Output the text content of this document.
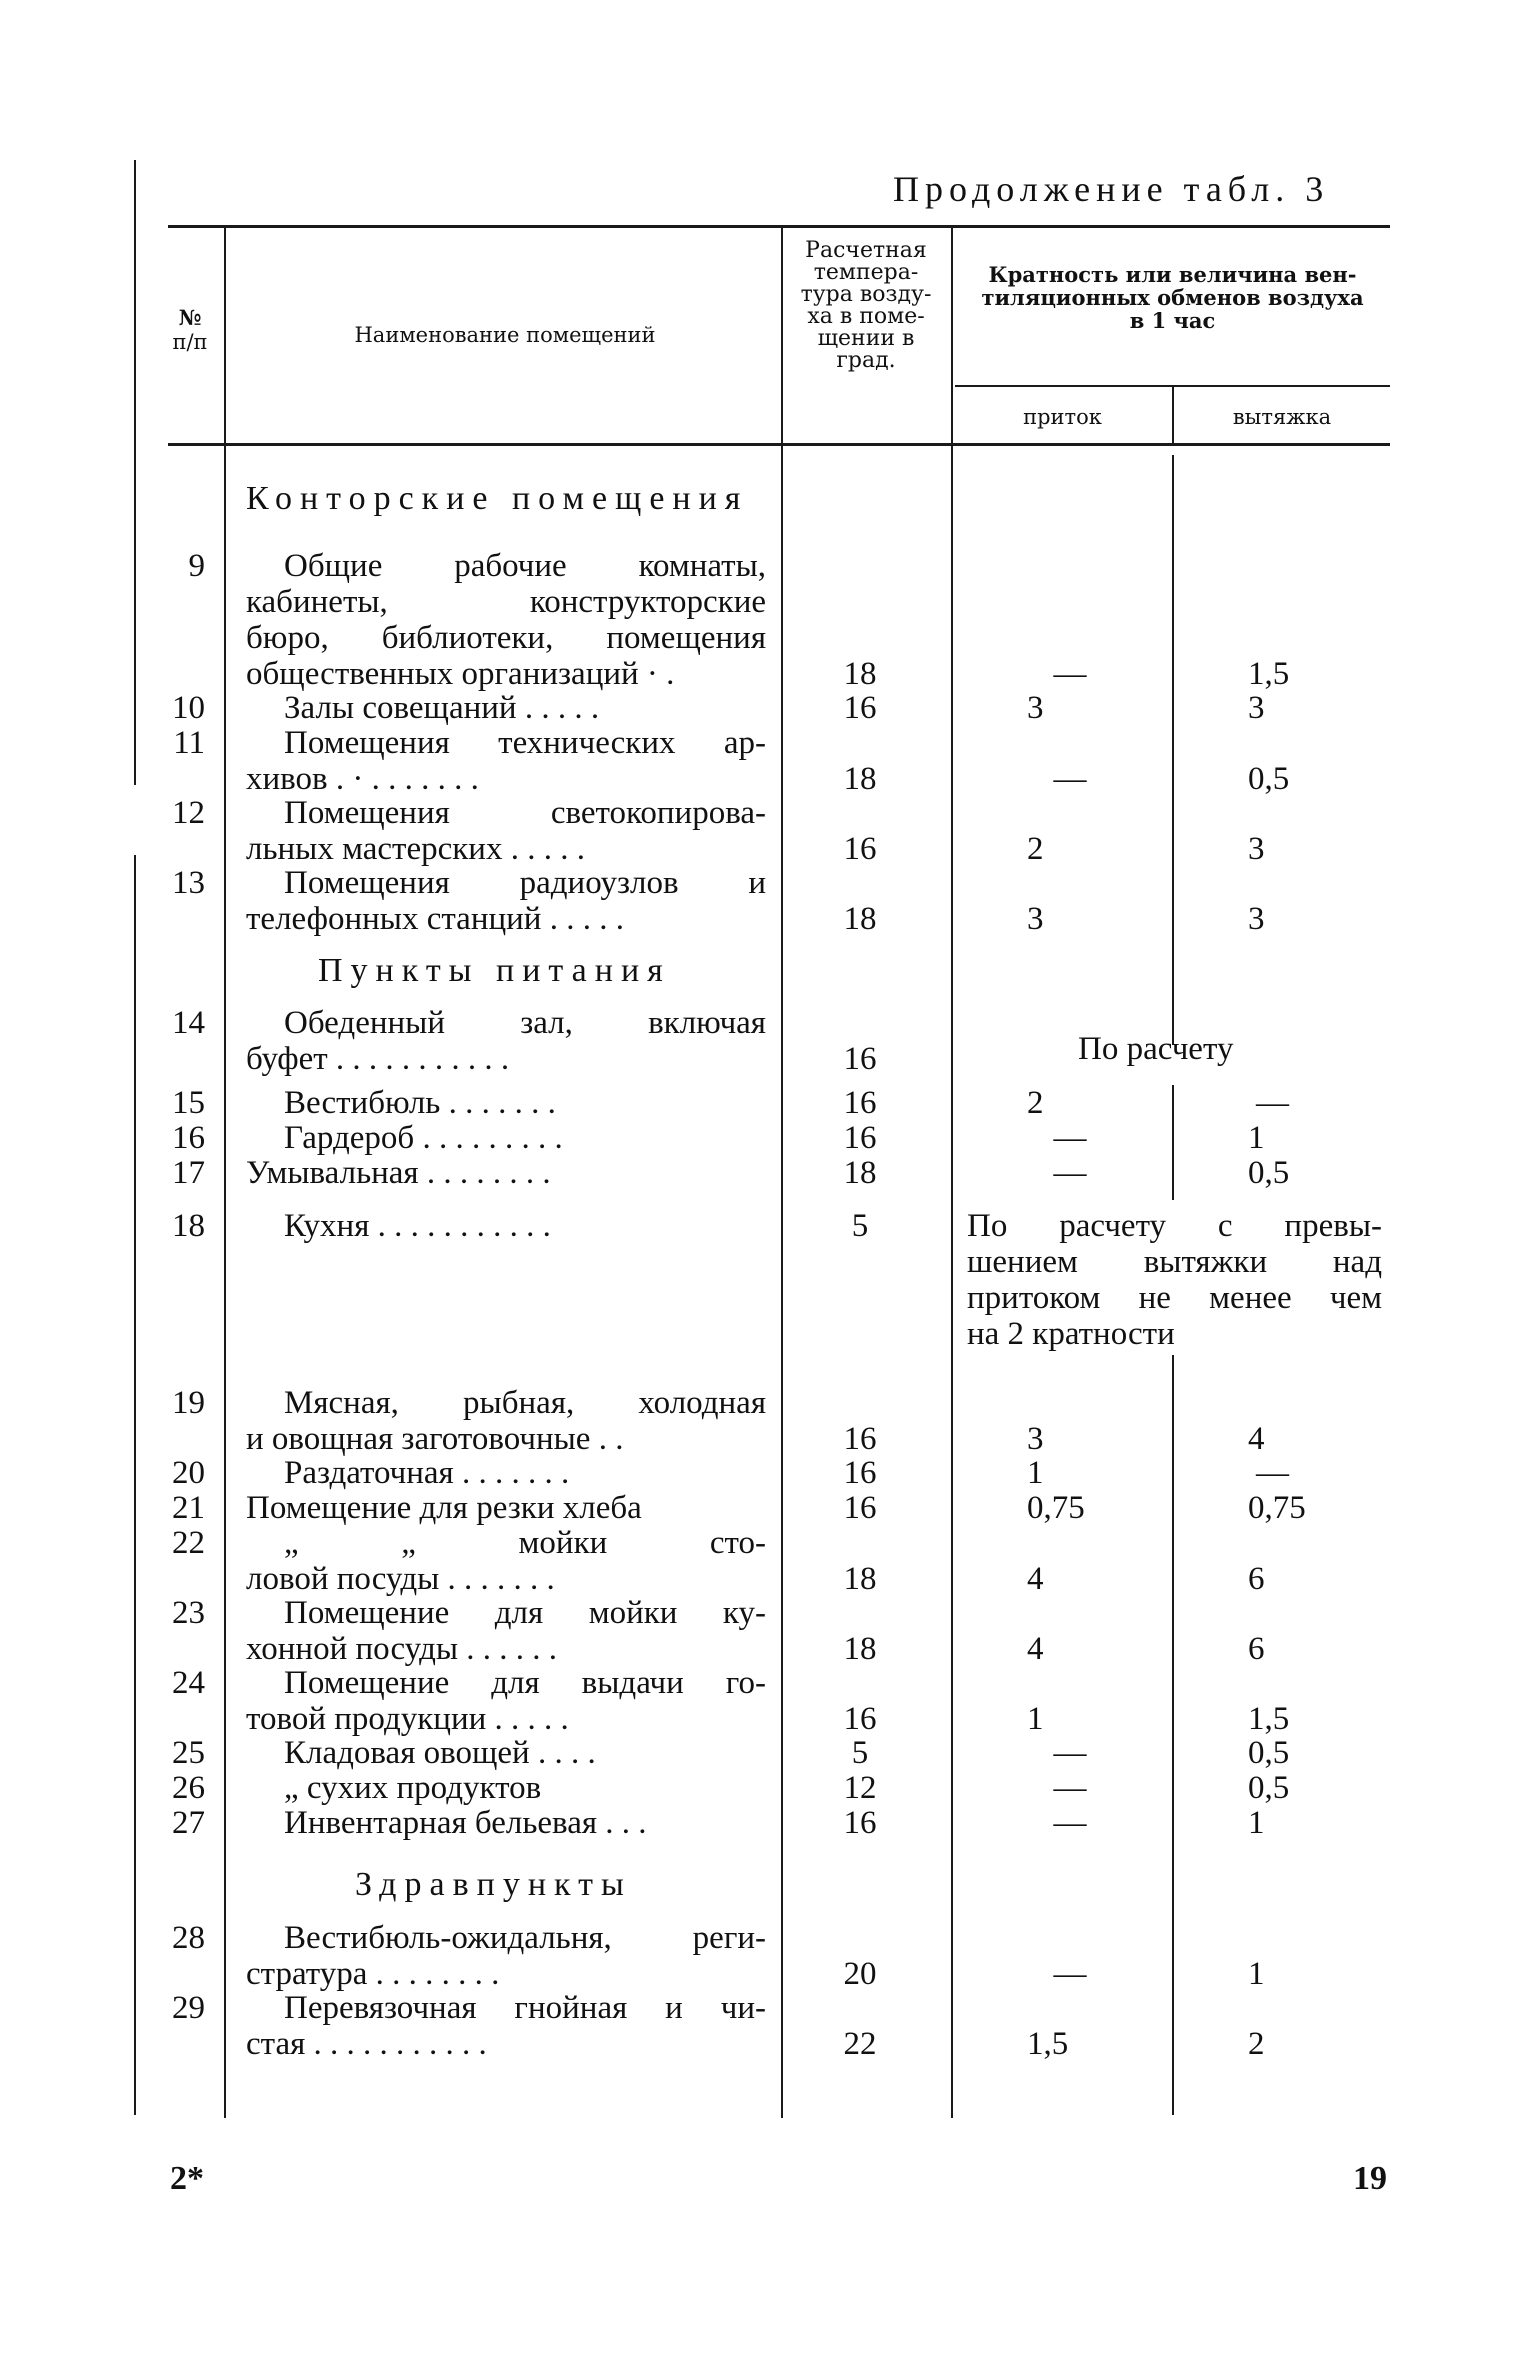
Продолжение табл. 3
№
п/п	Наименование помещений
Расчетная
темпера-
тура возду-
ха в поме-
щении в
град.
Кратность или величина вен-
тиляционных обменов воздуха
в 1 час
приток	вытяжка
Конторские помещения
Пункты питания
Здравпункты
9	Общие рабочие комнаты,
кабинеты, конструкторские
бюро, библиотеки, помещения
общественных организаций · .	18	—	1,5
10	Залы совещаний . . . . .	16	3	3
11	Помещения технических ар-
хивов . · . . . . . . .	18	—	0,5
12	Помещения светокопирова-
льных мастерских . . . . .	16	2	3
13	Помещения радиоузлов и
телефонных станций . . . . .	18	3	3
14	Обеденный зал, включая
буфет . . . . . . . . . . .	16	По расчету
15	Вестибюль . . . . . . .	16	2	—
16	Гардероб . . . . . . . . .	16	—	1
17 Умывальная . . . . . . . .	18	—	0,5
18	Кухня . . . . . . . . . . .	5	По расчету с превы-
шением вытяжки над
притоком не менее чем
на 2 кратности
19	Мясная, рыбная, холодная
и овощная заготовочные . .	16	3	4
20	Раздаточная . . . . . . .	16	1	—
21 Помещение для резки хлеба	16	0,75	0,75
22	„ „ мойки сто-
ловой посуды . . . . . . .	18	4	6
23	Помещение для мойки ку-
хонной посуды . . . . . .	18	4	6
24	Помещение для выдачи го-
товой продукции . . . . .	16	1	1,5
25	Кладовая овощей . . . .	5	—	0,5
26	„ сухих продуктов	12	—	0,5
27	Инвентарная бельевая . . .	16	—	1
28	Вестибюль-ожидальня, реги-
стратура . . . . . . . .	20	—	1
29	Перевязочная гнойная и чи-
стая . . . . . . . . . . .	22	1,5	2
2*	19
